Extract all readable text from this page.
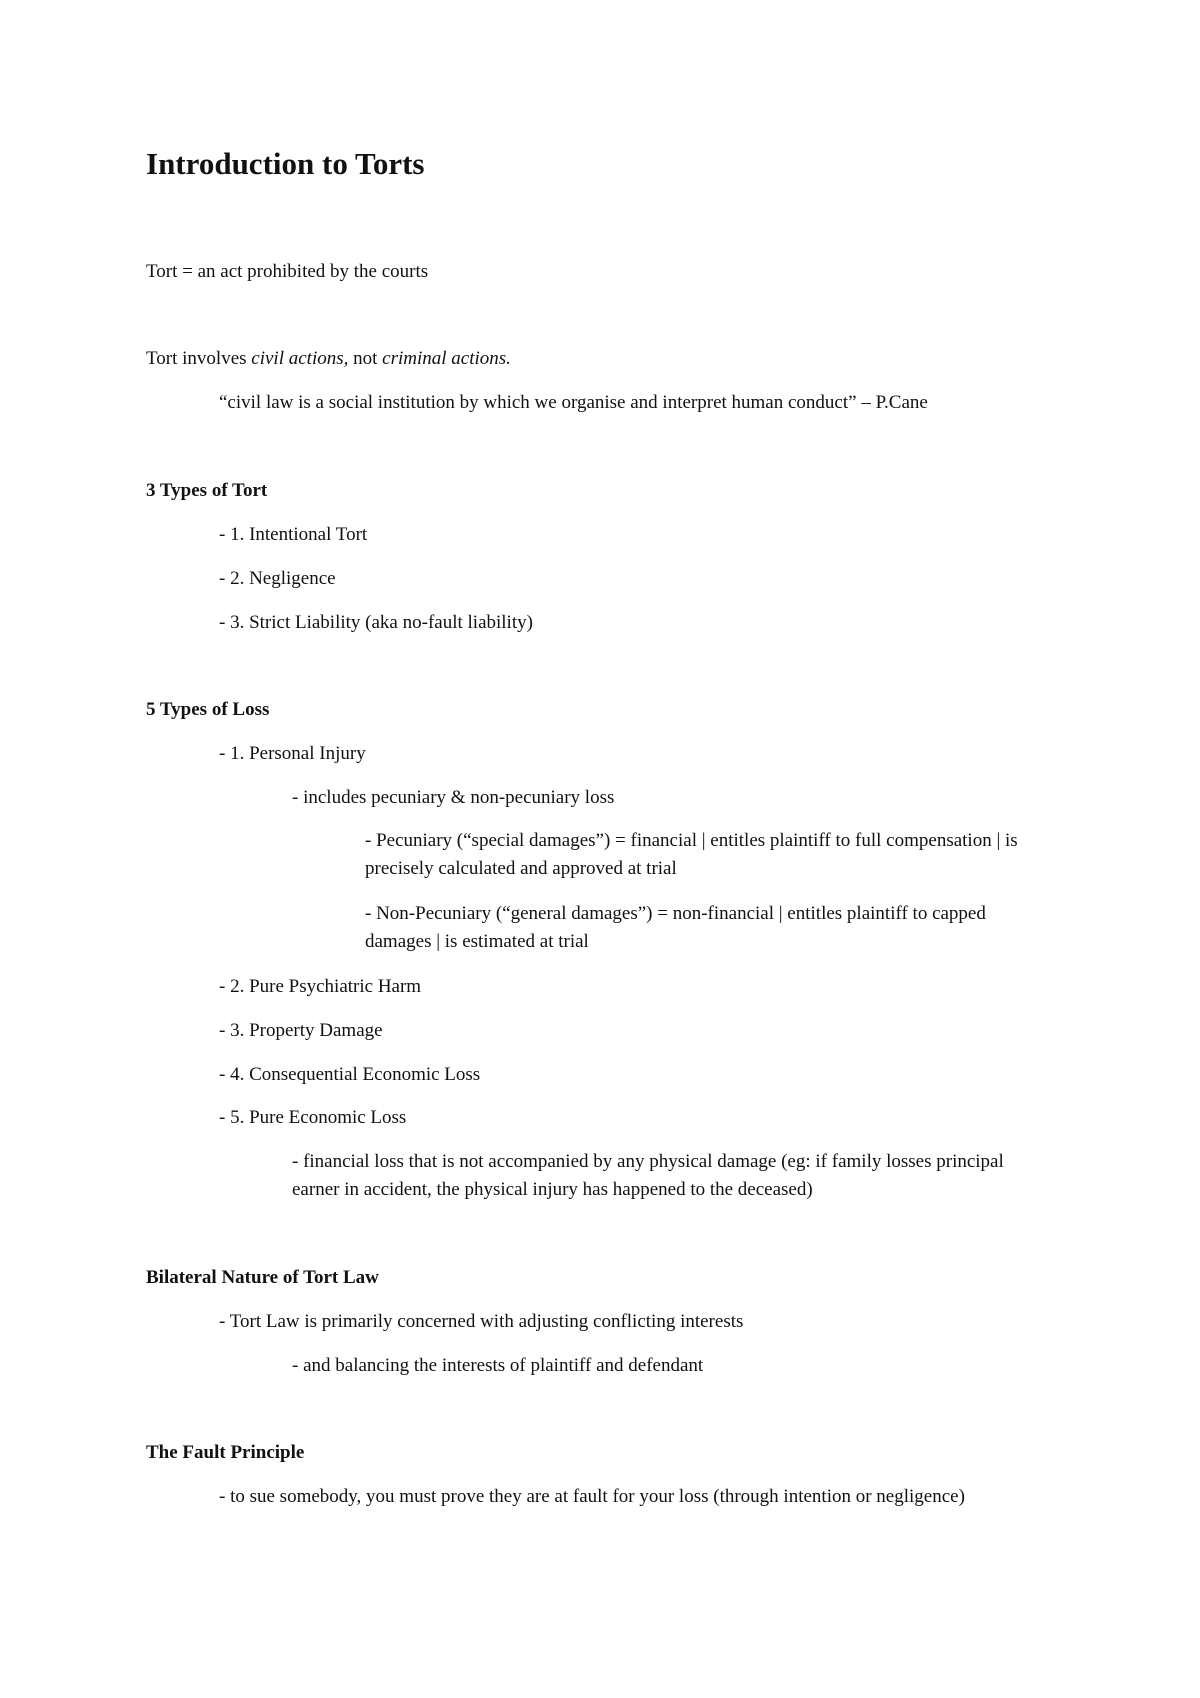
Introduction to Torts

Tort = an act prohibited by the courts

Tort involves civil actions, not criminal actions.

“civil law is a social institution by which we organise and interpret human conduct” – P.Cane

3 Types of Tort

- 1. Intentional Tort

- 2. Negligence

- 3. Strict Liability (aka no-fault liability)

5 Types of Loss

- 1. Personal Injury

- includes pecuniary & non-pecuniary loss

- Pecuniary (“special damages”) = financial | entitles plaintiff to full compensation | is precisely calculated and approved at trial

- Non-Pecuniary (“general damages”) = non-financial | entitles plaintiff to capped damages | is estimated at trial

- 2. Pure Psychiatric Harm

- 3. Property Damage

- 4. Consequential Economic Loss

- 5. Pure Economic Loss

- financial loss that is not accompanied by any physical damage (eg: if family losses principal earner in accident, the physical injury has happened to the deceased)

Bilateral Nature of Tort Law

- Tort Law is primarily concerned with adjusting conflicting interests

- and balancing the interests of plaintiff and defendant

The Fault Principle

- to sue somebody, you must prove they are at fault for your loss (through intention or negligence)
